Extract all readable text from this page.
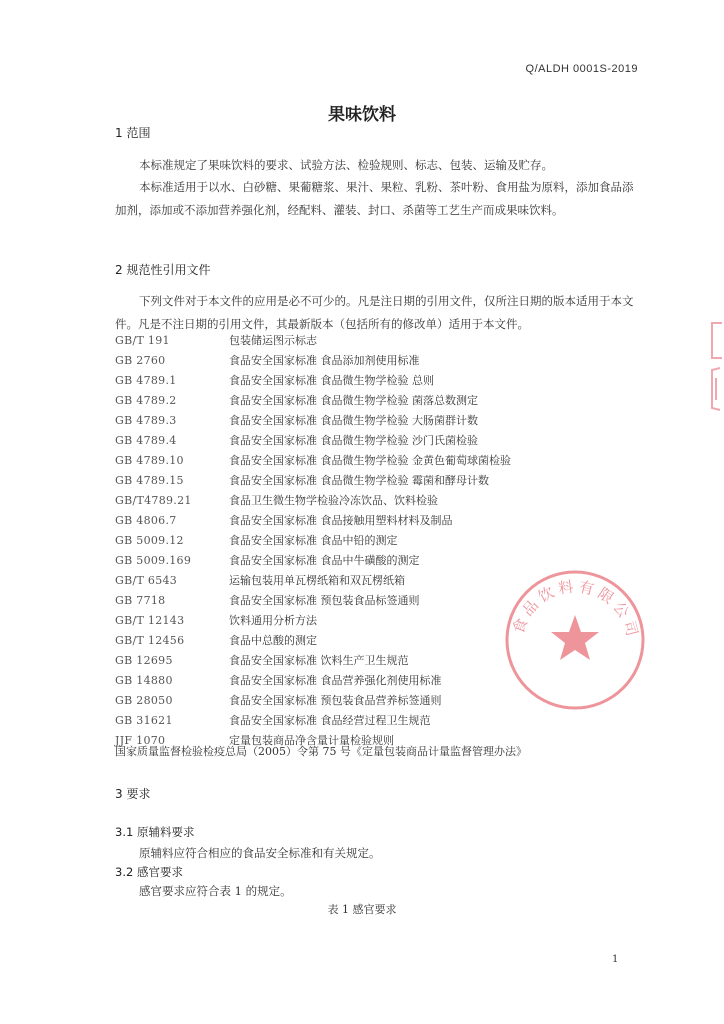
Q/ALDH 0001S-2019
果味饮料
1 范围

本标准规定了果味饮料的要求、试验方法、检验规则、标志、包装、运输及贮存。

本标准适用于以水、白砂糖、果葡糖浆、果汁、果粒、乳粉、茶叶粉、食用盐为原料，添加食品添加剂，添加或不添加营养强化剂，经配料、灌装、封口、杀菌等工艺生产而成果味饮料。

2 规范性引用文件

下列文件对于本文件的应用是必不可少的。凡是注日期的引用文件，仅所注日期的版本适用于本文件。凡是不注日期的引用文件，其最新版本（包括所有的修改单）适用于本文件。

GB/T 191	包装储运图示标志
GB 2760	食品安全国家标准 食品添加剂使用标准
GB 4789.1	食品安全国家标准 食品微生物学检验 总则
GB 4789.2	食品安全国家标准 食品微生物学检验 菌落总数测定
GB 4789.3	食品安全国家标准 食品微生物学检验 大肠菌群计数
GB 4789.4	食品安全国家标准 食品微生物学检验 沙门氏菌检验
GB 4789.10	食品安全国家标准 食品微生物学检验 金黄色葡萄球菌检验
GB 4789.15	食品安全国家标准 食品微生物学检验 霉菌和酵母计数
GB/T4789.21	食品卫生微生物学检验冷冻饮品、饮料检验
GB 4806.7	食品安全国家标准 食品接触用塑料材料及制品
GB 5009.12	食品安全国家标准 食品中铅的测定
GB 5009.169	食品安全国家标准 食品中牛磺酸的测定
GB/T 6543	运输包装用单瓦楞纸箱和双瓦楞纸箱
GB 7718	食品安全国家标准 预包装食品标签通则
GB/T 12143	饮料通用分析方法
GB/T 12456	食品中总酸的测定
GB 12695	食品安全国家标准 饮料生产卫生规范
GB 14880	食品安全国家标准 食品营养强化剂使用标准
GB 28050	食品安全国家标准 预包装食品营养标签通则
GB 31621	食品安全国家标准 食品经营过程卫生规范
JJF 1070	定量包装商品净含量计量检验规则

国家质量监督检验检疫总局（2005）令第 75 号《定量包装商品计量监督管理办法》

3 要求
3.1 原辅料要求
原辅料应符合相应的食品安全标准和有关规定。
3.2 感官要求
感官要求应符合表 1 的规定。
表 1 感官要求
食品饮料有限公司
1
